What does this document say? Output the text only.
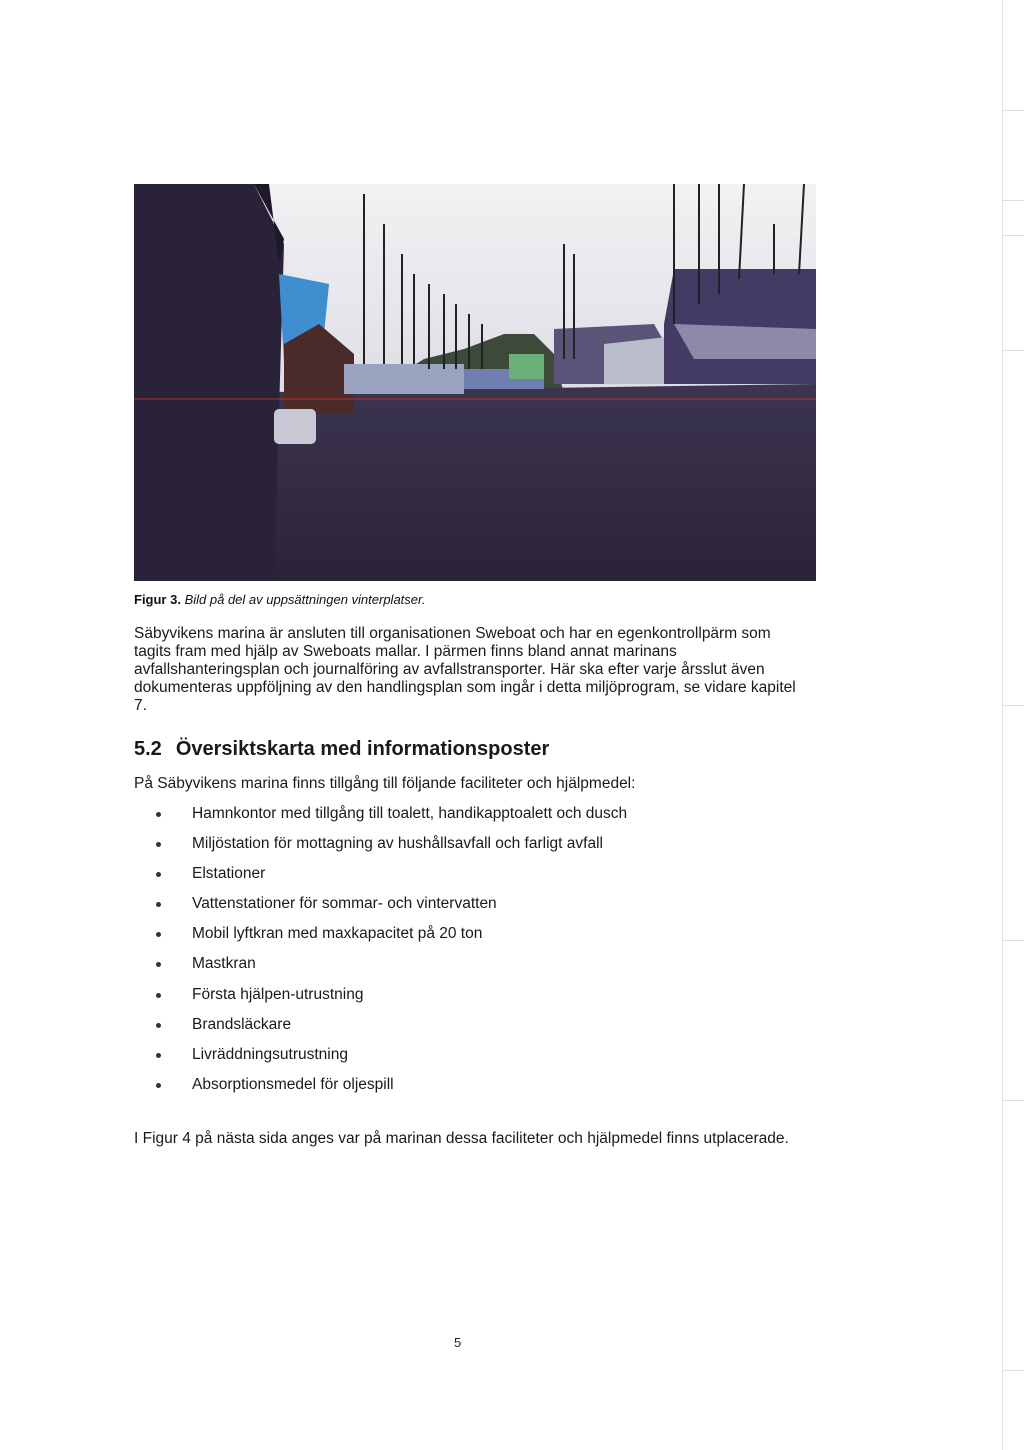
Figur 3. Bild på del av uppsättningen vinterplatser.
Säbyvikens marina är ansluten till organisationen Sweboat och har en egenkontrollpärm som tagits fram med hjälp av Sweboats mallar. I pärmen finns bland annat marinans avfallshanteringsplan och journalföring av avfallstransporter. Här ska efter varje årsslut även dokumenteras uppföljning av den handlingsplan som ingår i detta miljöprogram, se vidare kapitel 7.
5.2 Översiktskarta med informationsposter
På Säbyvikens marina finns tillgång till följande faciliteter och hjälpmedel:
Hamnkontor med tillgång till toalett, handikapptoalett och dusch
Miljöstation för mottagning av hushållsavfall och farligt avfall
Elstationer
Vattenstationer för sommar- och vintervatten
Mobil lyftkran med maxkapacitet på 20 ton
Mastkran
Första hjälpen-utrustning
Brandsläckare
Livräddningsutrustning
Absorptionsmedel för oljespill
I Figur 4 på nästa sida anges var på marinan dessa faciliteter och hjälpmedel finns utplacerade.
5
